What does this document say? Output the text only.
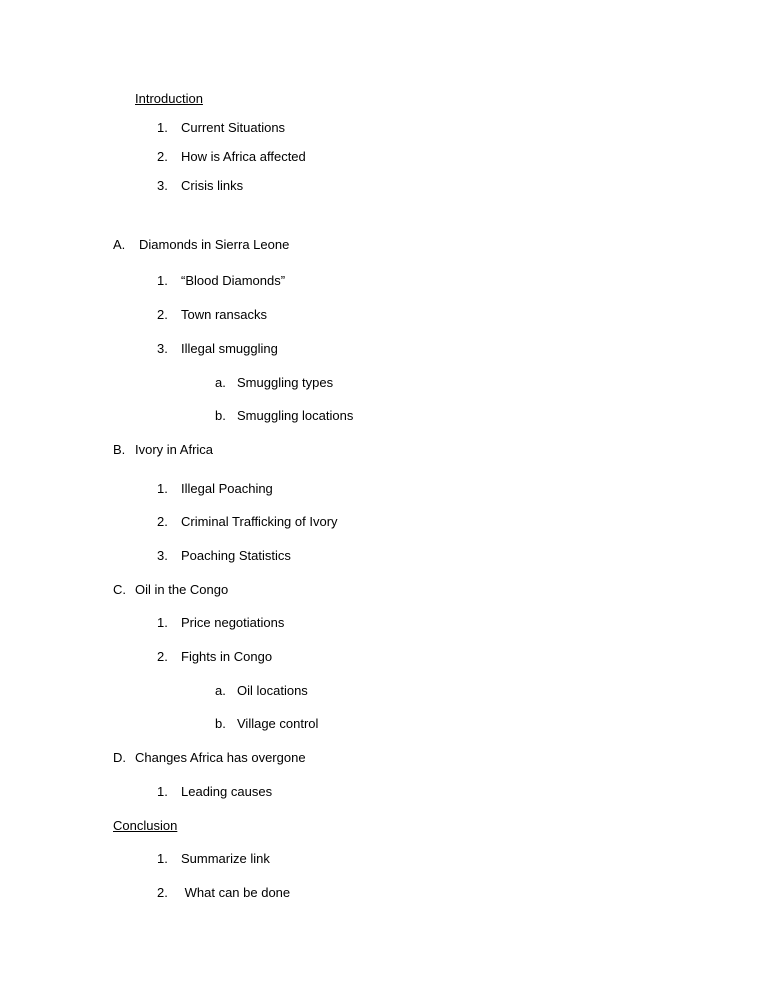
Introduction
1. Current Situations
2. How is Africa affected
3. Crisis links
A. Diamonds in Sierra Leone
1. “Blood Diamonds”
2. Town ransacks
3. Illegal smuggling
a. Smuggling types
b. Smuggling locations
B. Ivory in Africa
1. Illegal Poaching
2. Criminal Trafficking of Ivory
3. Poaching Statistics
C. Oil in the Congo
1. Price negotiations
2. Fights in Congo
a. Oil locations
b. Village control
D. Changes Africa has overgone
1. Leading causes
Conclusion
1. Summarize link
2. What can be done
